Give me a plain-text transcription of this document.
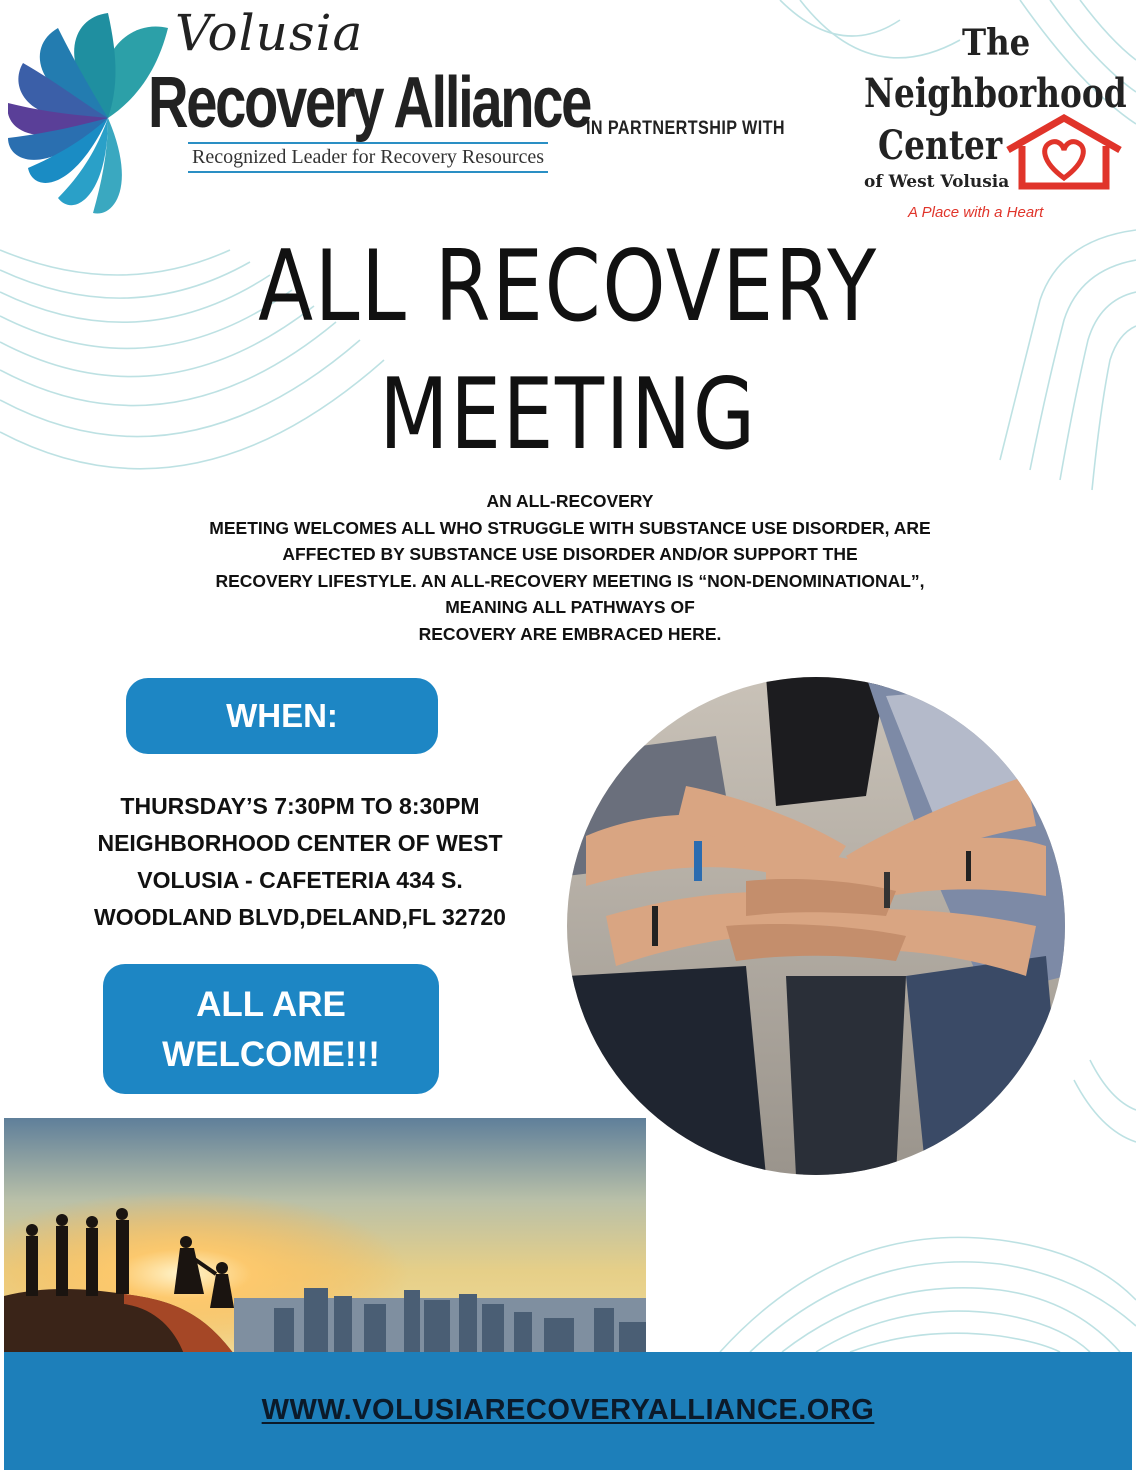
Volusia
Recovery Alliance
Recognized Leader for Recovery Resources
IN PARTNERTSHIP WITH
The
Neighborhood
Center
of West Volusia
A Place with a Heart
ALL RECOVERY
MEETING
AN ALL-RECOVERY
MEETING WELCOMES ALL WHO STRUGGLE WITH SUBSTANCE USE DISORDER, ARE
AFFECTED BY SUBSTANCE USE DISORDER AND/OR SUPPORT THE
RECOVERY LIFESTYLE. AN ALL-RECOVERY MEETING IS “NON-DENOMINATIONAL”,
MEANING ALL PATHWAYS OF
RECOVERY ARE EMBRACED HERE.
WHEN:
THURSDAY’S 7:30PM TO 8:30PM
NEIGHBORHOOD CENTER OF WEST
VOLUSIA - CAFETERIA 434 S.
WOODLAND BLVD,DELAND,FL 32720
ALL ARE
WELCOME!!!
WWW.VOLUSIARECOVERYALLIANCE.ORG
